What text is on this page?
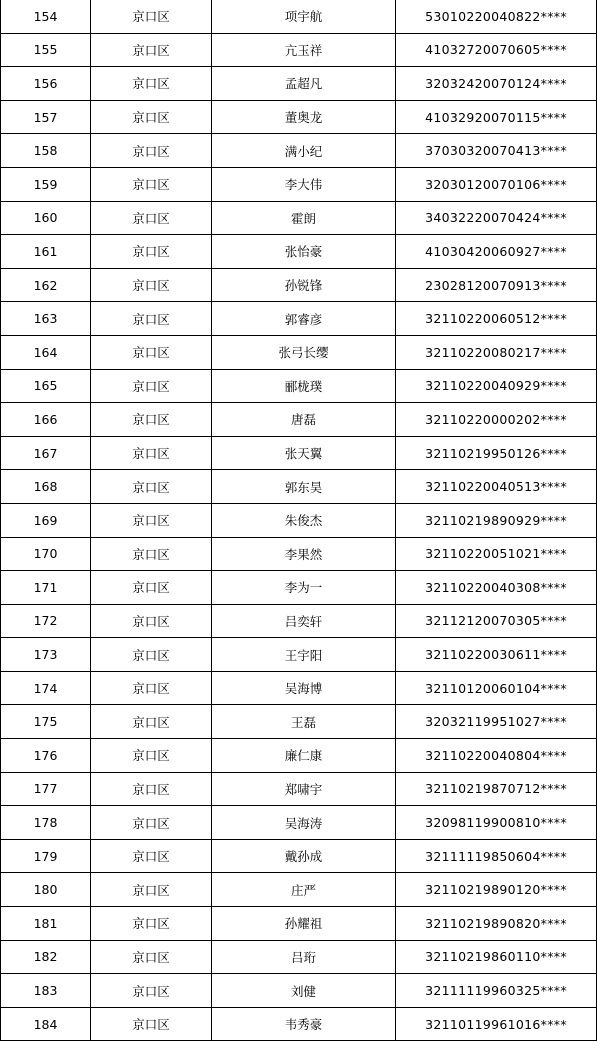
154	京口区	项宇航	53010220040822****
155	京口区	亢玉祥	41032720070605****
156	京口区	孟超凡	32032420070124****
157	京口区	董奥龙	41032920070115****
158	京口区	满小纪	37030320070413****
159	京口区	李大伟	32030120070106****
160	京口区	霍朗	34032220070424****
161	京口区	张怡豪	41030420060927****
162	京口区	孙锐锋	23028120070913****
163	京口区	郭睿彦	32110220060512****
164	京口区	张弓长缨	32110220080217****
165	京口区	郦栊璞	32110220040929****
166	京口区	唐磊	32110220000202****
167	京口区	张天翼	32110219950126****
168	京口区	郭东昊	32110220040513****
169	京口区	朱俊杰	32110219890929****
170	京口区	李果然	32110220051021****
171	京口区	李为一	32110220040308****
172	京口区	吕奕轩	32112120070305****
173	京口区	王宇阳	32110220030611****
174	京口区	吴海博	32110120060104****
175	京口区	王磊	32032119951027****
176	京口区	廉仁康	32110220040804****
177	京口区	郑啸宇	32110219870712****
178	京口区	吴海涛	32098119900810****
179	京口区	戴孙成	32111119850604****
180	京口区	庄严	32110219890120****
181	京口区	孙耀祖	32110219890820****
182	京口区	吕珩	32110219860110****
183	京口区	刘健	32111119960325****
184	京口区	韦秀豪	32110119961016****
